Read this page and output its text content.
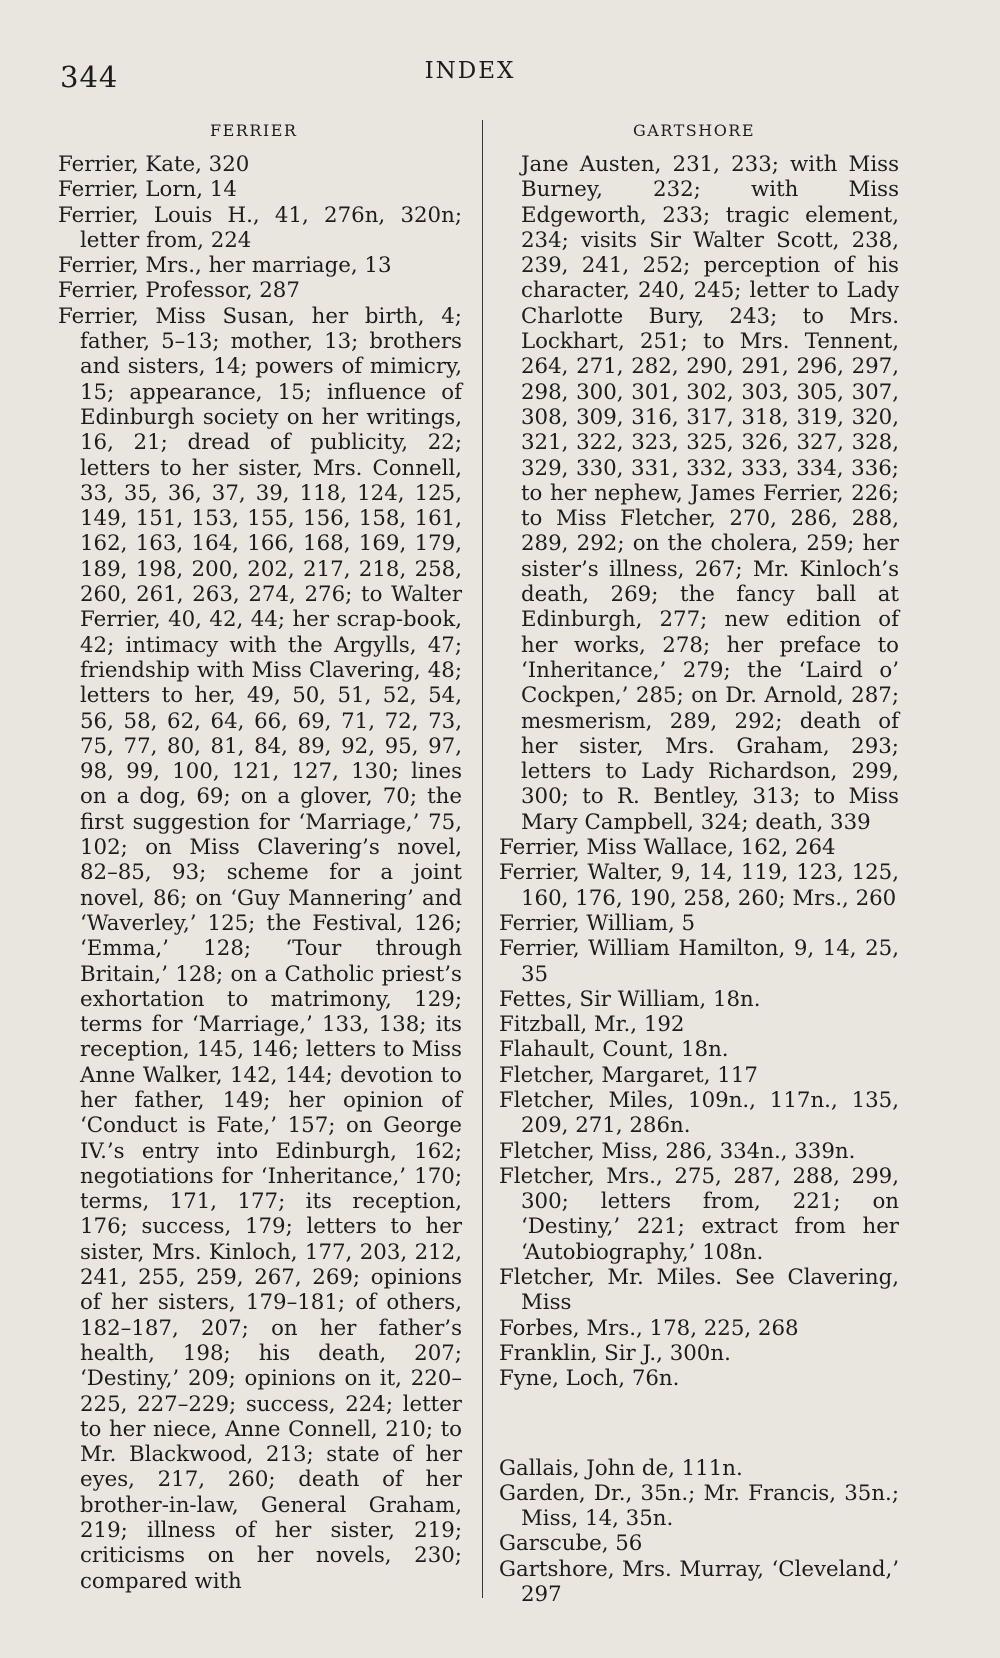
344	INDEX
FERRIER	GARTSHORE
Ferrier, Kate, 320
Ferrier, Lorn, 14
Ferrier, Louis H., 41, 276n, 320n; letter from, 224
Ferrier, Mrs., her marriage, 13
Ferrier, Professor, 287
Ferrier, Miss Susan, her birth, 4; father, 5–13; mother, 13; brothers and sisters, 14; powers of mimicry, 15; appearance, 15; influence of Edinburgh society on her writings, 16, 21; dread of publicity, 22; letters to her sister, Mrs. Connell, 33, 35, 36, 37, 39, 118, 124, 125, 149, 151, 153, 155, 156, 158, 161, 162, 163, 164, 166, 168, 169, 179, 189, 198, 200, 202, 217, 218, 258, 260, 261, 263, 274, 276; to Walter Ferrier, 40, 42, 44; her scrap-book, 42; intimacy with the Argylls, 47; friendship with Miss Clavering, 48; letters to her, 49, 50, 51, 52, 54, 56, 58, 62, 64, 66, 69, 71, 72, 73, 75, 77, 80, 81, 84, 89, 92, 95, 97, 98, 99, 100, 121, 127, 130; lines on a dog, 69; on a glover, 70; the first suggestion for ‘Marriage,’ 75, 102; on Miss Clavering’s novel, 82–85, 93; scheme for a joint novel, 86; on ‘Guy Mannering’ and ‘Waverley,’ 125; the Festival, 126; ‘Emma,’ 128; ‘Tour through Britain,’ 128; on a Catholic priest’s exhortation to matrimony, 129; terms for ‘Marriage,’ 133, 138; its reception, 145, 146; letters to Miss Anne Walker, 142, 144; devotion to her father, 149; her opinion of ‘Conduct is Fate,’ 157; on George IV.’s entry into Edinburgh, 162; negotiations for ‘Inheritance,’ 170; terms, 171, 177; its reception, 176; success, 179; letters to her sister, Mrs. Kinloch, 177, 203, 212, 241, 255, 259, 267, 269; opinions of her sisters, 179–181; of others, 182–187, 207; on her father’s health, 198; his death, 207; ‘Destiny,’ 209; opinions on it, 220–225, 227–229; success, 224; letter to her niece, Anne Connell, 210; to Mr. Blackwood, 213; state of her eyes, 217, 260; death of her brother-in-law, General Graham, 219; illness of her sister, 219; criticisms on her novels, 230; compared with
Jane Austen, 231, 233; with Miss Burney, 232; with Miss Edgeworth, 233; tragic element, 234; visits Sir Walter Scott, 238, 239, 241, 252; perception of his character, 240, 245; letter to Lady Charlotte Bury, 243; to Mrs. Lockhart, 251; to Mrs. Tennent, 264, 271, 282, 290, 291, 296, 297, 298, 300, 301, 302, 303, 305, 307, 308, 309, 316, 317, 318, 319, 320, 321, 322, 323, 325, 326, 327, 328, 329, 330, 331, 332, 333, 334, 336; to her nephew, James Ferrier, 226; to Miss Fletcher, 270, 286, 288, 289, 292; on the cholera, 259; her sister’s illness, 267; Mr. Kinloch’s death, 269; the fancy ball at Edinburgh, 277; new edition of her works, 278; her preface to ‘Inheritance,’ 279; the ‘Laird o’ Cockpen,’ 285; on Dr. Arnold, 287; mesmerism, 289, 292; death of her sister, Mrs. Graham, 293; letters to Lady Richardson, 299, 300; to R. Bentley, 313; to Miss Mary Campbell, 324; death, 339
Ferrier, Miss Wallace, 162, 264
Ferrier, Walter, 9, 14, 119, 123, 125, 160, 176, 190, 258, 260; Mrs., 260
Ferrier, William, 5
Ferrier, William Hamilton, 9, 14, 25, 35
Fettes, Sir William, 18n.
Fitzball, Mr., 192
Flahault, Count, 18n.
Fletcher, Margaret, 117
Fletcher, Miles, 109n., 117n., 135, 209, 271, 286n.
Fletcher, Miss, 286, 334n., 339n.
Fletcher, Mrs., 275, 287, 288, 299, 300; letters from, 221; on ‘Destiny,’ 221; extract from her ‘Autobiography,’ 108n.
Fletcher, Mr. Miles. See Clavering, Miss
Forbes, Mrs., 178, 225, 268
Franklin, Sir J., 300n.
Fyne, Loch, 76n.
Gallais, John de, 111n.
Garden, Dr., 35n.; Mr. Francis, 35n.; Miss, 14, 35n.
Garscube, 56
Gartshore, Mrs. Murray, ‘Cleveland,’ 297
